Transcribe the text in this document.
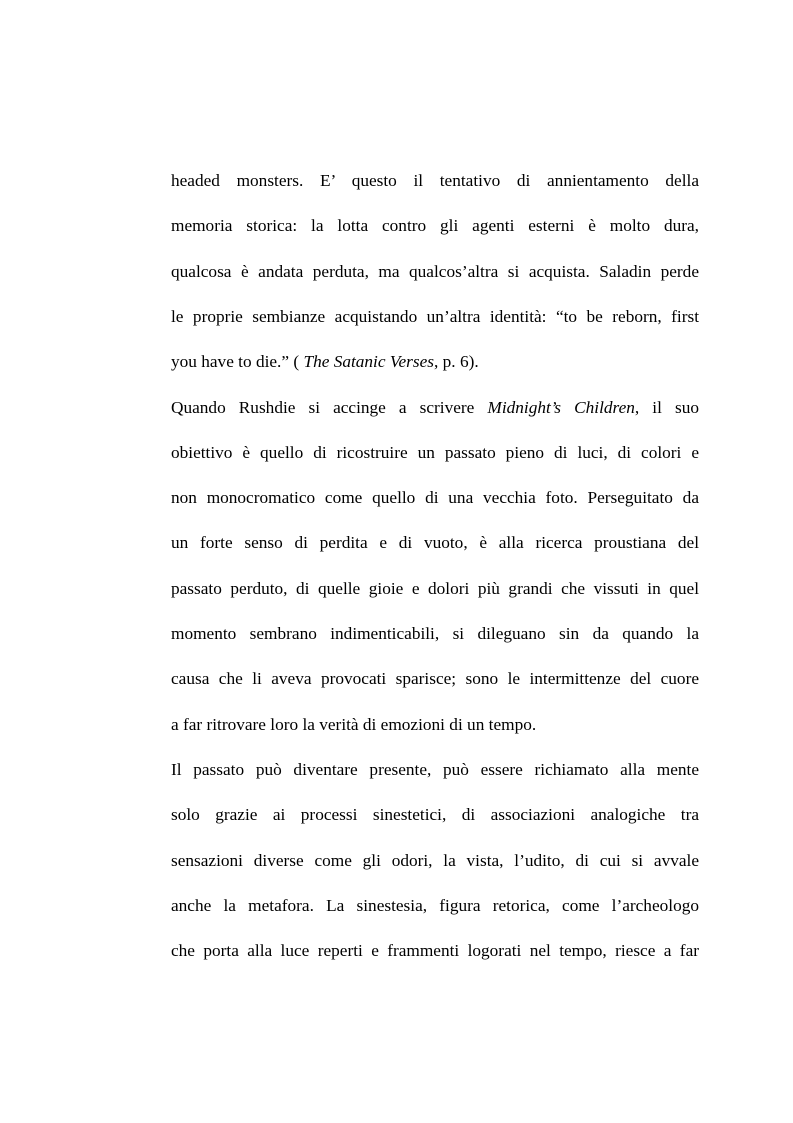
headed monsters. E’ questo il tentativo di annientamento della

memoria storica: la lotta contro gli agenti esterni è molto dura,

qualcosa è andata perduta, ma qualcos’altra si acquista. Saladin perde

le proprie sembianze acquistando un’altra identità: “to be reborn, first

you have to die.” ( The Satanic Verses, p. 6).

Quando Rushdie si accinge a scrivere Midnight’s Children, il suo

obiettivo è quello di ricostruire un passato pieno di luci, di colori e

non monocromatico come quello di una vecchia foto. Perseguitato da

un forte senso di perdita e di vuoto, è alla ricerca proustiana del

passato perduto, di quelle gioie e dolori più grandi che vissuti in quel

momento sembrano indimenticabili, si dileguano sin da quando la

causa che li aveva provocati sparisce; sono le intermittenze del cuore

a far ritrovare loro la verità di emozioni di un tempo.

Il passato può diventare presente, può essere richiamato alla mente

solo grazie ai processi sinestetici, di associazioni analogiche tra

sensazioni diverse come gli odori, la vista, l’udito, di cui si avvale

anche la metafora. La sinestesia, figura retorica, come l’archeologo

che porta alla luce reperti e frammenti logorati nel tempo, riesce a far
